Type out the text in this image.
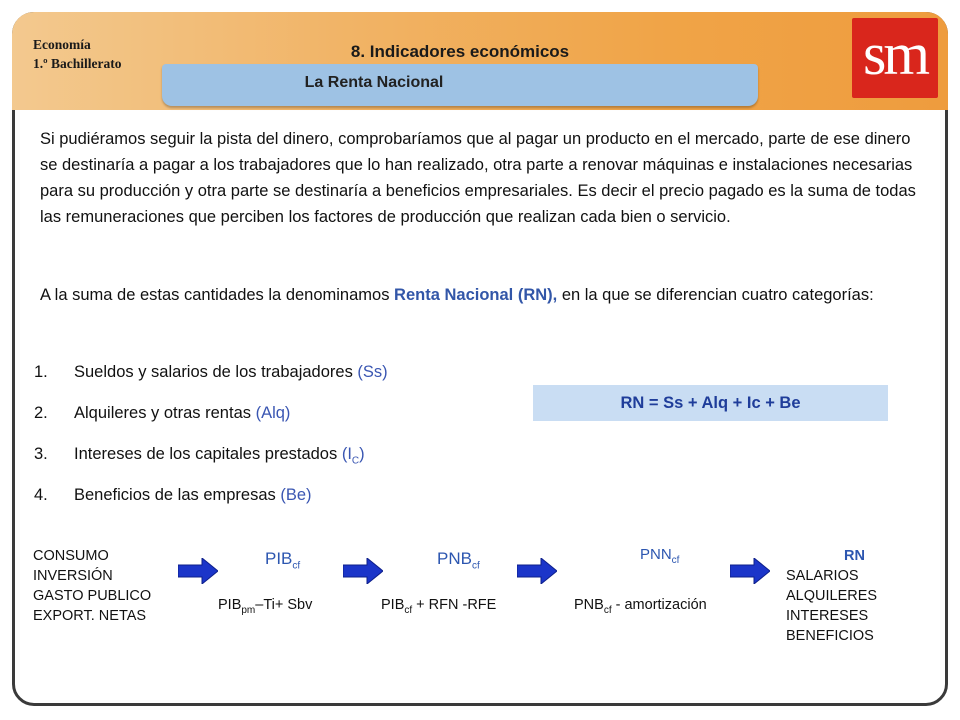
Economía
1.º Bachillerato
8. Indicadores económicos
La Renta Nacional	sm
Si pudiéramos seguir la pista del dinero, comprobaríamos que al pagar un producto en el mercado, parte de ese dinero se destinaría a pagar a los trabajadores que lo han realizado, otra parte a renovar máquinas e instalaciones necesarias para su producción y otra parte se destinaría a beneficios empresariales. Es decir el precio pagado es la suma de todas las remuneraciones que perciben los factores de producción que realizan cada bien o servicio.
A la suma de estas cantidades la denominamos Renta Nacional (RN), en la que se diferencian cuatro categorías:
1. Sueldos y salarios de los trabajadores (Ss)
2. Alquileres y otras rentas (Alq)
3. Intereses de los capitales prestados $(I_C)$
4. Beneficios de las empresas (Be)
RN = Ss + Alq + Ic + Be
CONSUMO
INVERSIÓN
GASTO PUBLICO
EXPORT. NETAS
$PIB_{cf}$
$PIB_{pm}-Ti+$ Sbv
$PNB_{cf}$
$PIB_{cf}$ + RFN -RFE
$PNN_{cf}$
$PNB_{cf}$ - amortización
RN
SALARIOS
ALQUILERES
INTERESES
BENEFICIOS
